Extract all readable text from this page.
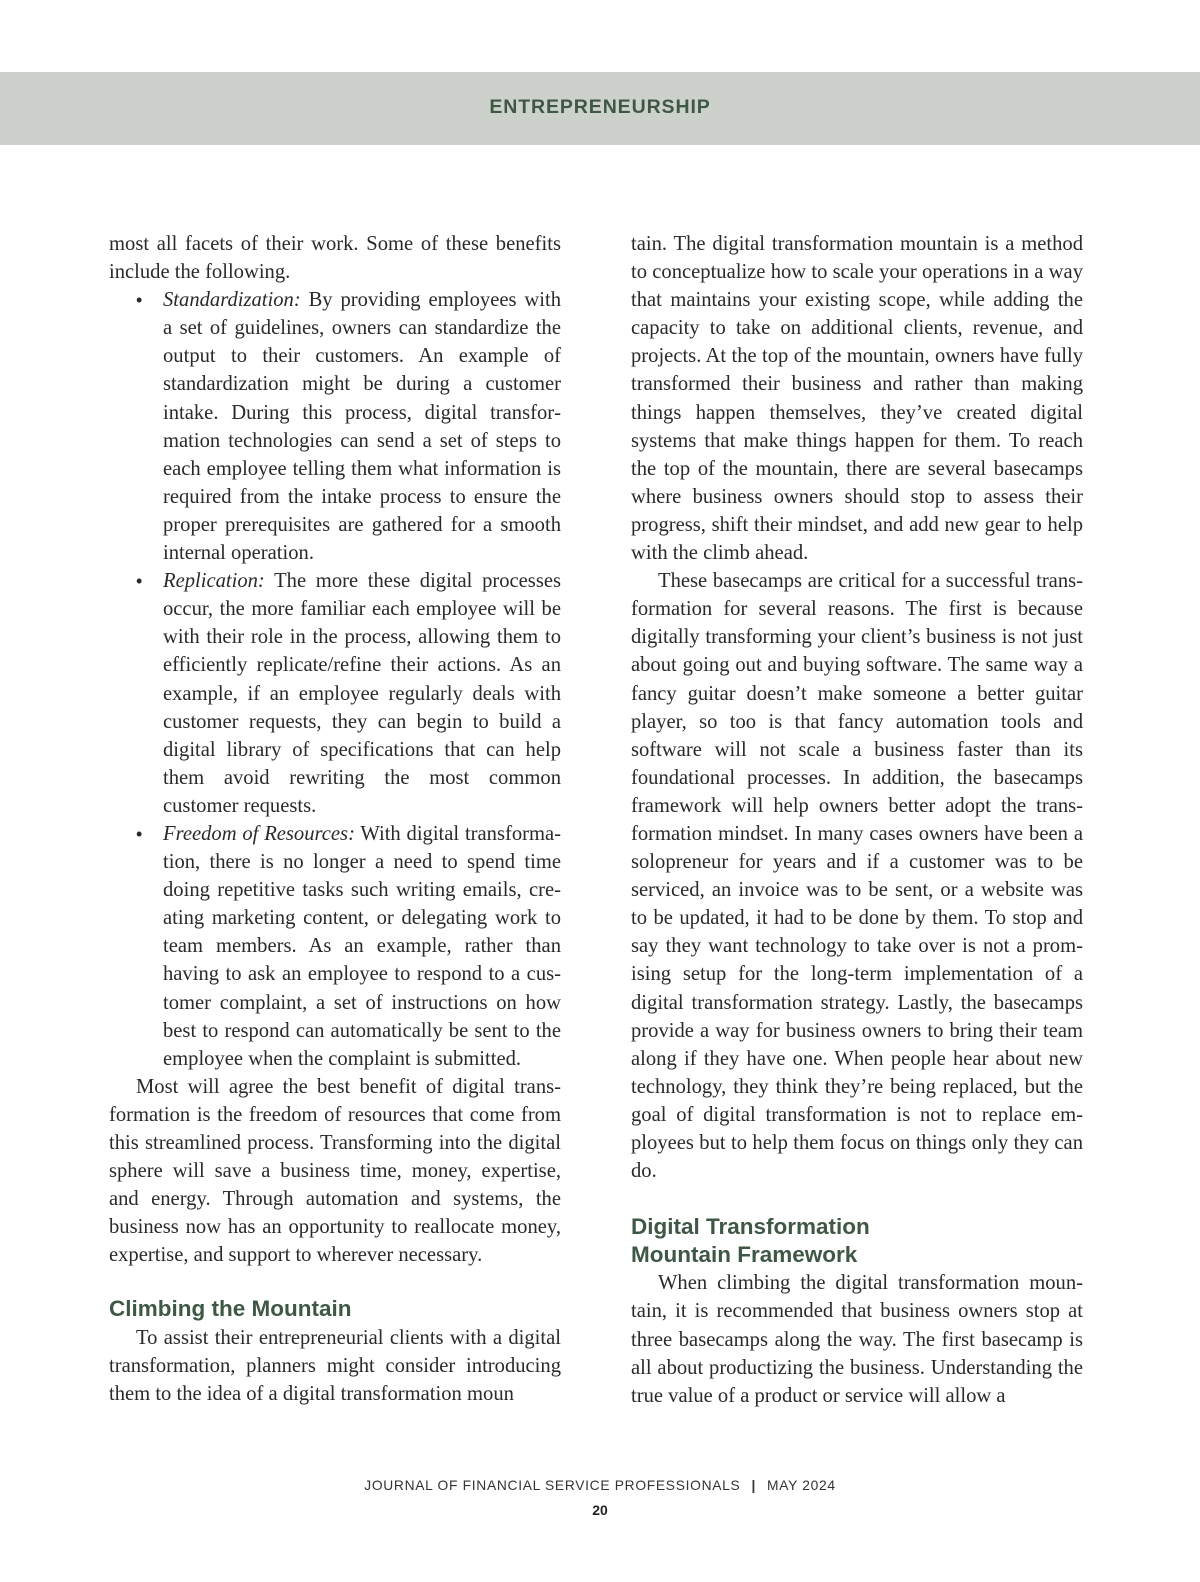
ENTREPRENEURSHIP

most all facets of their work. Some of these benefits include the following.

• Standardization: By providing employees with a set of guidelines, owners can standardize the output to their customers. An example of standardization might be during a customer intake. During this process, digital transformation technologies can send a set of steps to each employee telling them what information is required from the intake process to ensure the proper prerequisites are gathered for a smooth internal operation.
• Replication: The more these digital processes occur, the more familiar each employee will be with their role in the process, allowing them to efficiently replicate/refine their actions. As an example, if an employee regularly deals with customer requests, they can begin to build a digital library of specifications that can help them avoid rewriting the most common customer requests.
• Freedom of Resources: With digital transformation, there is no longer a need to spend time doing repetitive tasks such writing emails, creating marketing content, or delegating work to team members. As an example, rather than having to ask an employee to respond to a customer complaint, a set of instructions on how best to respond can automatically be sent to the employee when the complaint is submitted.

Most will agree the best benefit of digital transformation is the freedom of resources that come from this streamlined process. Transforming into the digital sphere will save a business time, money, expertise, and energy. Through automation and systems, the business now has an opportunity to reallocate money, expertise, and support to wherever necessary.

Climbing the Mountain

To assist their entrepreneurial clients with a digital transformation, planners might consider introducing them to the idea of a digital transformation moun

tain. The digital transformation mountain is a method to conceptualize how to scale your operations in a way that maintains your existing scope, while adding the capacity to take on additional clients, revenue, and projects. At the top of the mountain, owners have fully transformed their business and rather than making things happen themselves, they’ve created digital systems that make things happen for them. To reach the top of the mountain, there are several basecamps where business owners should stop to assess their progress, shift their mindset, and add new gear to help with the climb ahead.

These basecamps are critical for a successful transformation for several reasons. The first is because digitally transforming your client’s business is not just about going out and buying software. The same way a fancy guitar doesn’t make someone a better guitar player, so too is that fancy automation tools and software will not scale a business faster than its foundational processes. In addition, the basecamps framework will help owners better adopt the transformation mindset. In many cases owners have been a solopreneur for years and if a customer was to be serviced, an invoice was to be sent, or a website was to be updated, it had to be done by them. To stop and say they want technology to take over is not a promising setup for the long-term implementation of a digital transformation strategy. Lastly, the basecamps provide a way for business owners to bring their team along if they have one. When people hear about new technology, they think they’re being replaced, but the goal of digital transformation is not to replace employees but to help them focus on things only they can do.

Digital Transformation
Mountain Framework

When climbing the digital transformation mountain, it is recommended that business owners stop at three basecamps along the way. The first basecamp is all about productizing the business. Understanding the true value of a product or service will allow a

JOURNAL OF FINANCIAL SERVICE PROFESSIONALS | MAY 2024
20
